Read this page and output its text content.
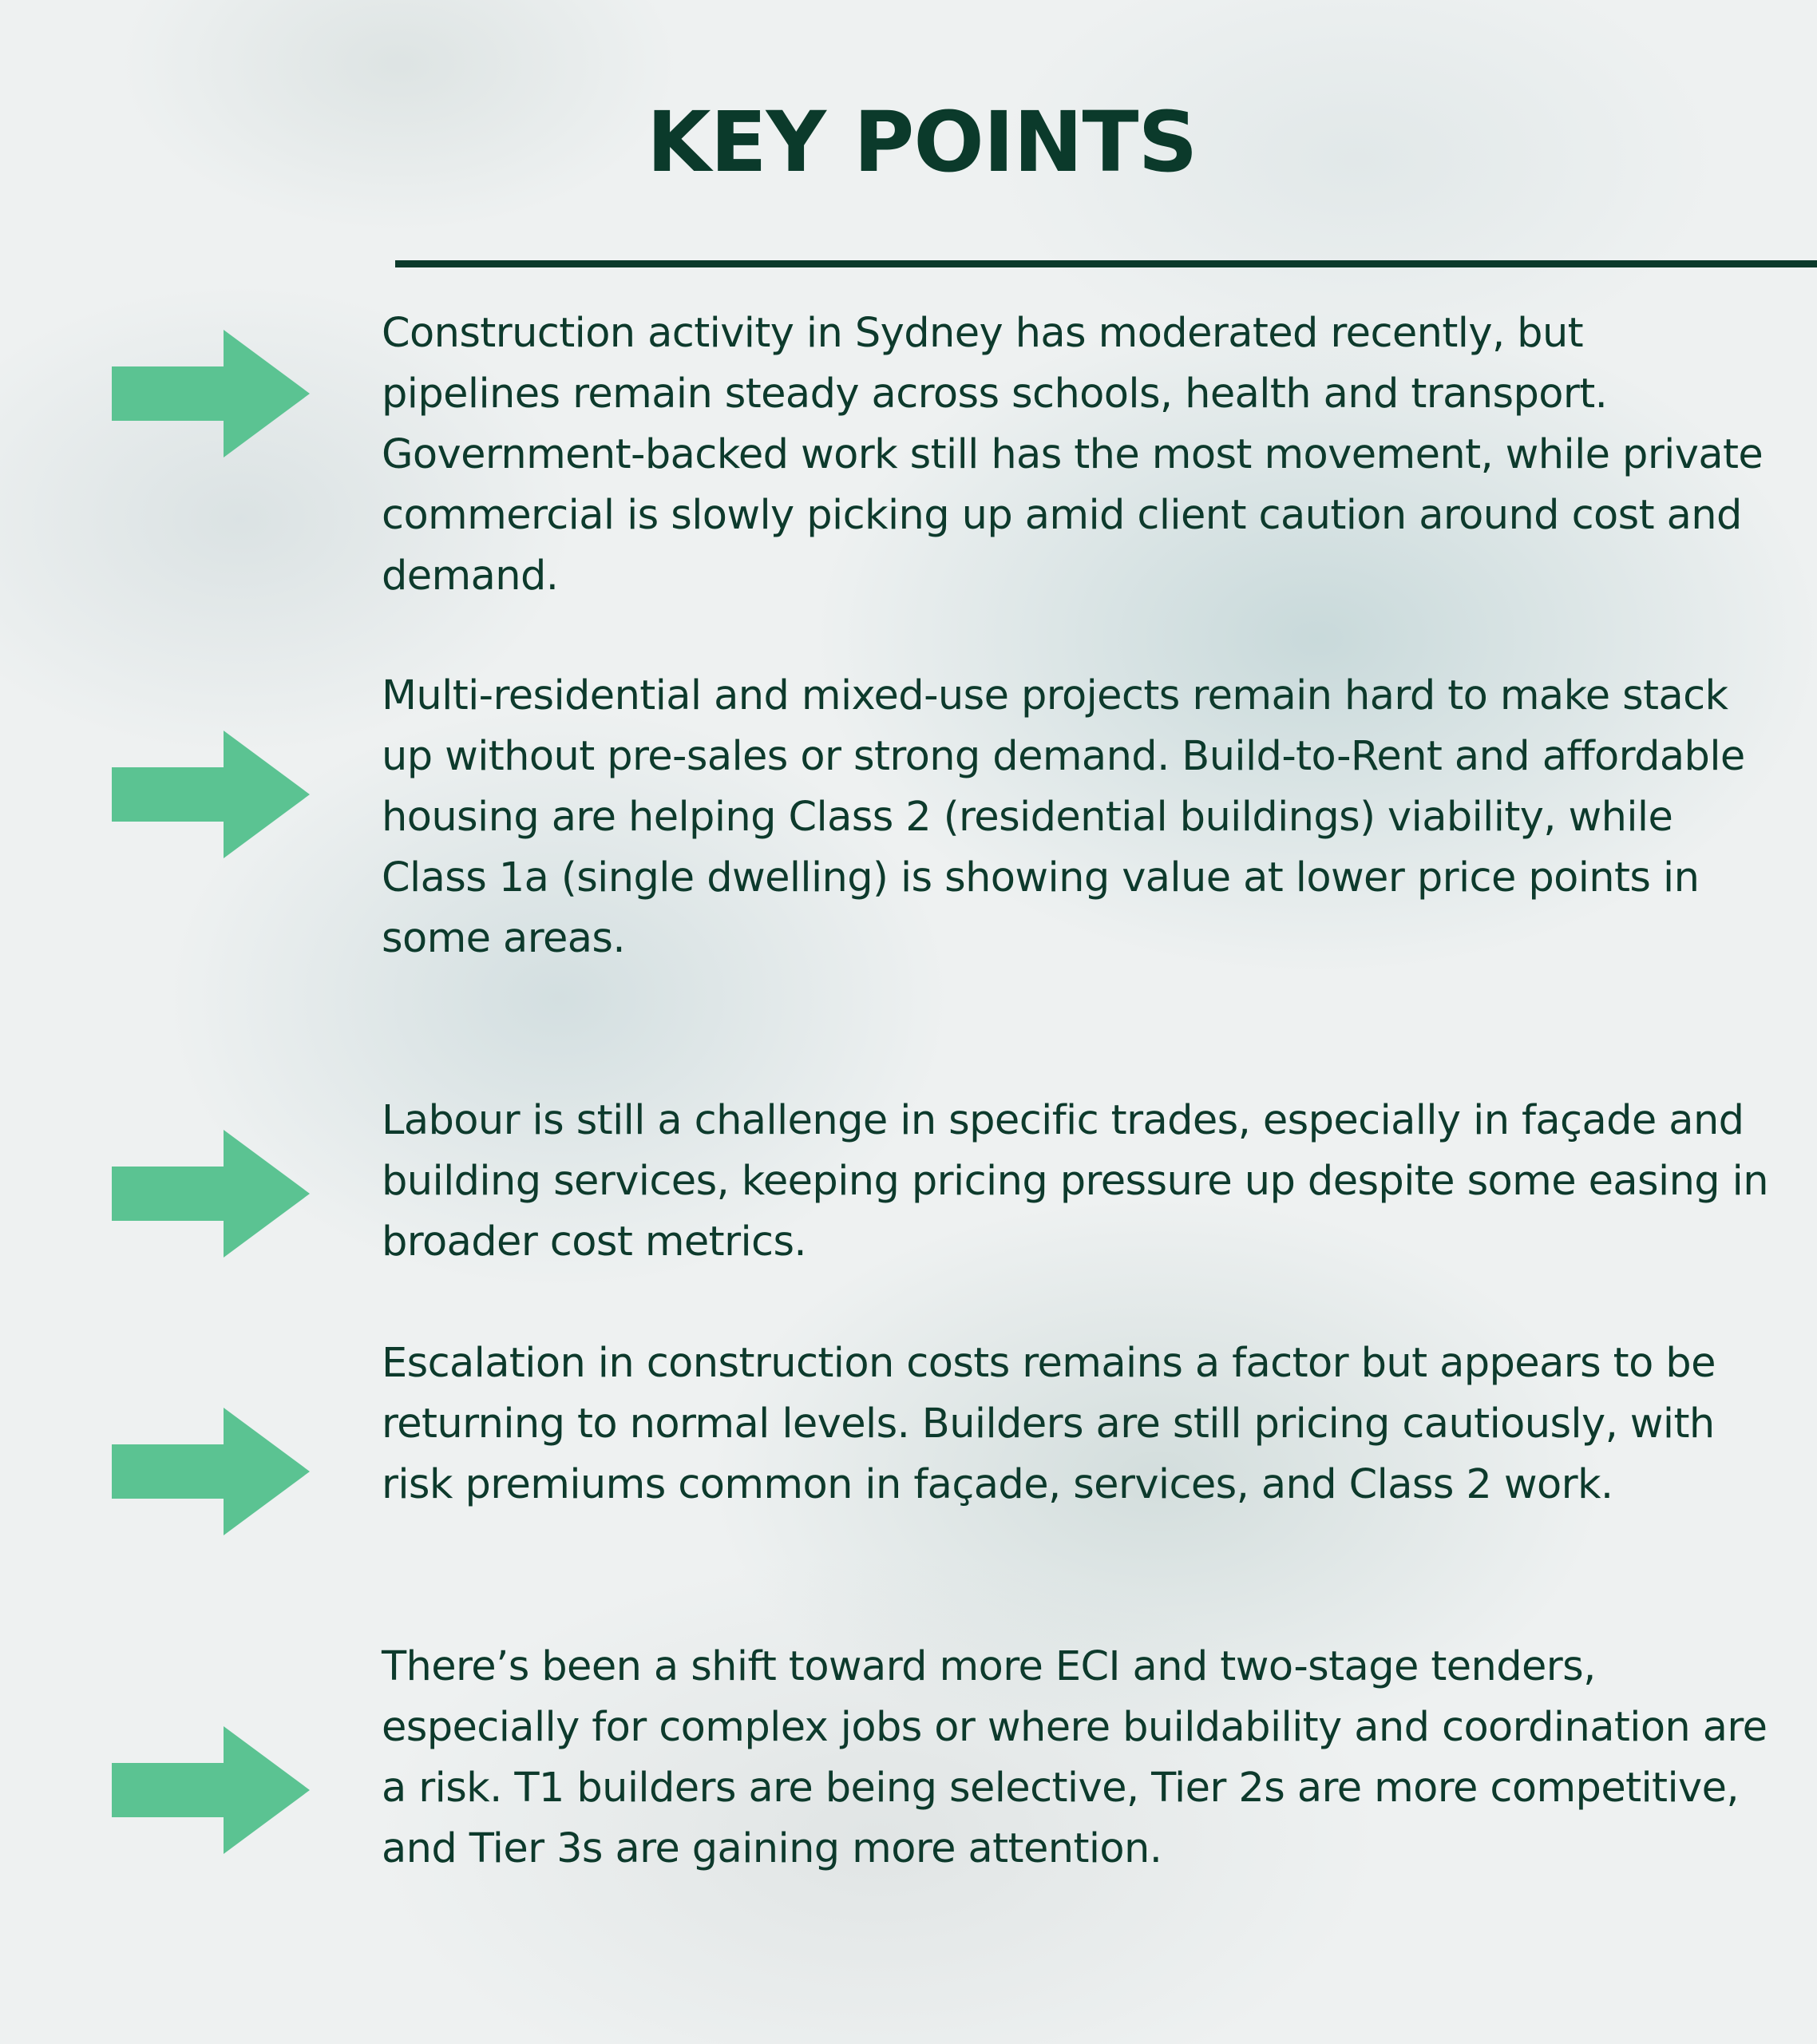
KEY POINTS

Construction activity in Sydney has moderated recently, but pipelines remain steady across schools, health and transport. Government-backed work still has the most movement, while private commercial is slowly picking up amid client caution around cost and demand.

Multi-residential and mixed-use projects remain hard to make stack up without pre-sales or strong demand. Build-to-Rent and affordable housing are helping Class 2 (residential buildings) viability, while Class 1a (single dwelling) is showing value at lower price points in some areas.

Labour is still a challenge in specific trades, especially in façade and building services, keeping pricing pressure up despite some easing in broader cost metrics.

Escalation in construction costs remains a factor but appears to be returning to normal levels. Builders are still pricing cautiously, with risk premiums common in façade, services, and Class 2 work.

There’s been a shift toward more ECI and two-stage tenders, especially for complex jobs or where buildability and coordination are a risk. T1 builders are being selective, Tier 2s are more competitive, and Tier 3s are gaining more attention.
